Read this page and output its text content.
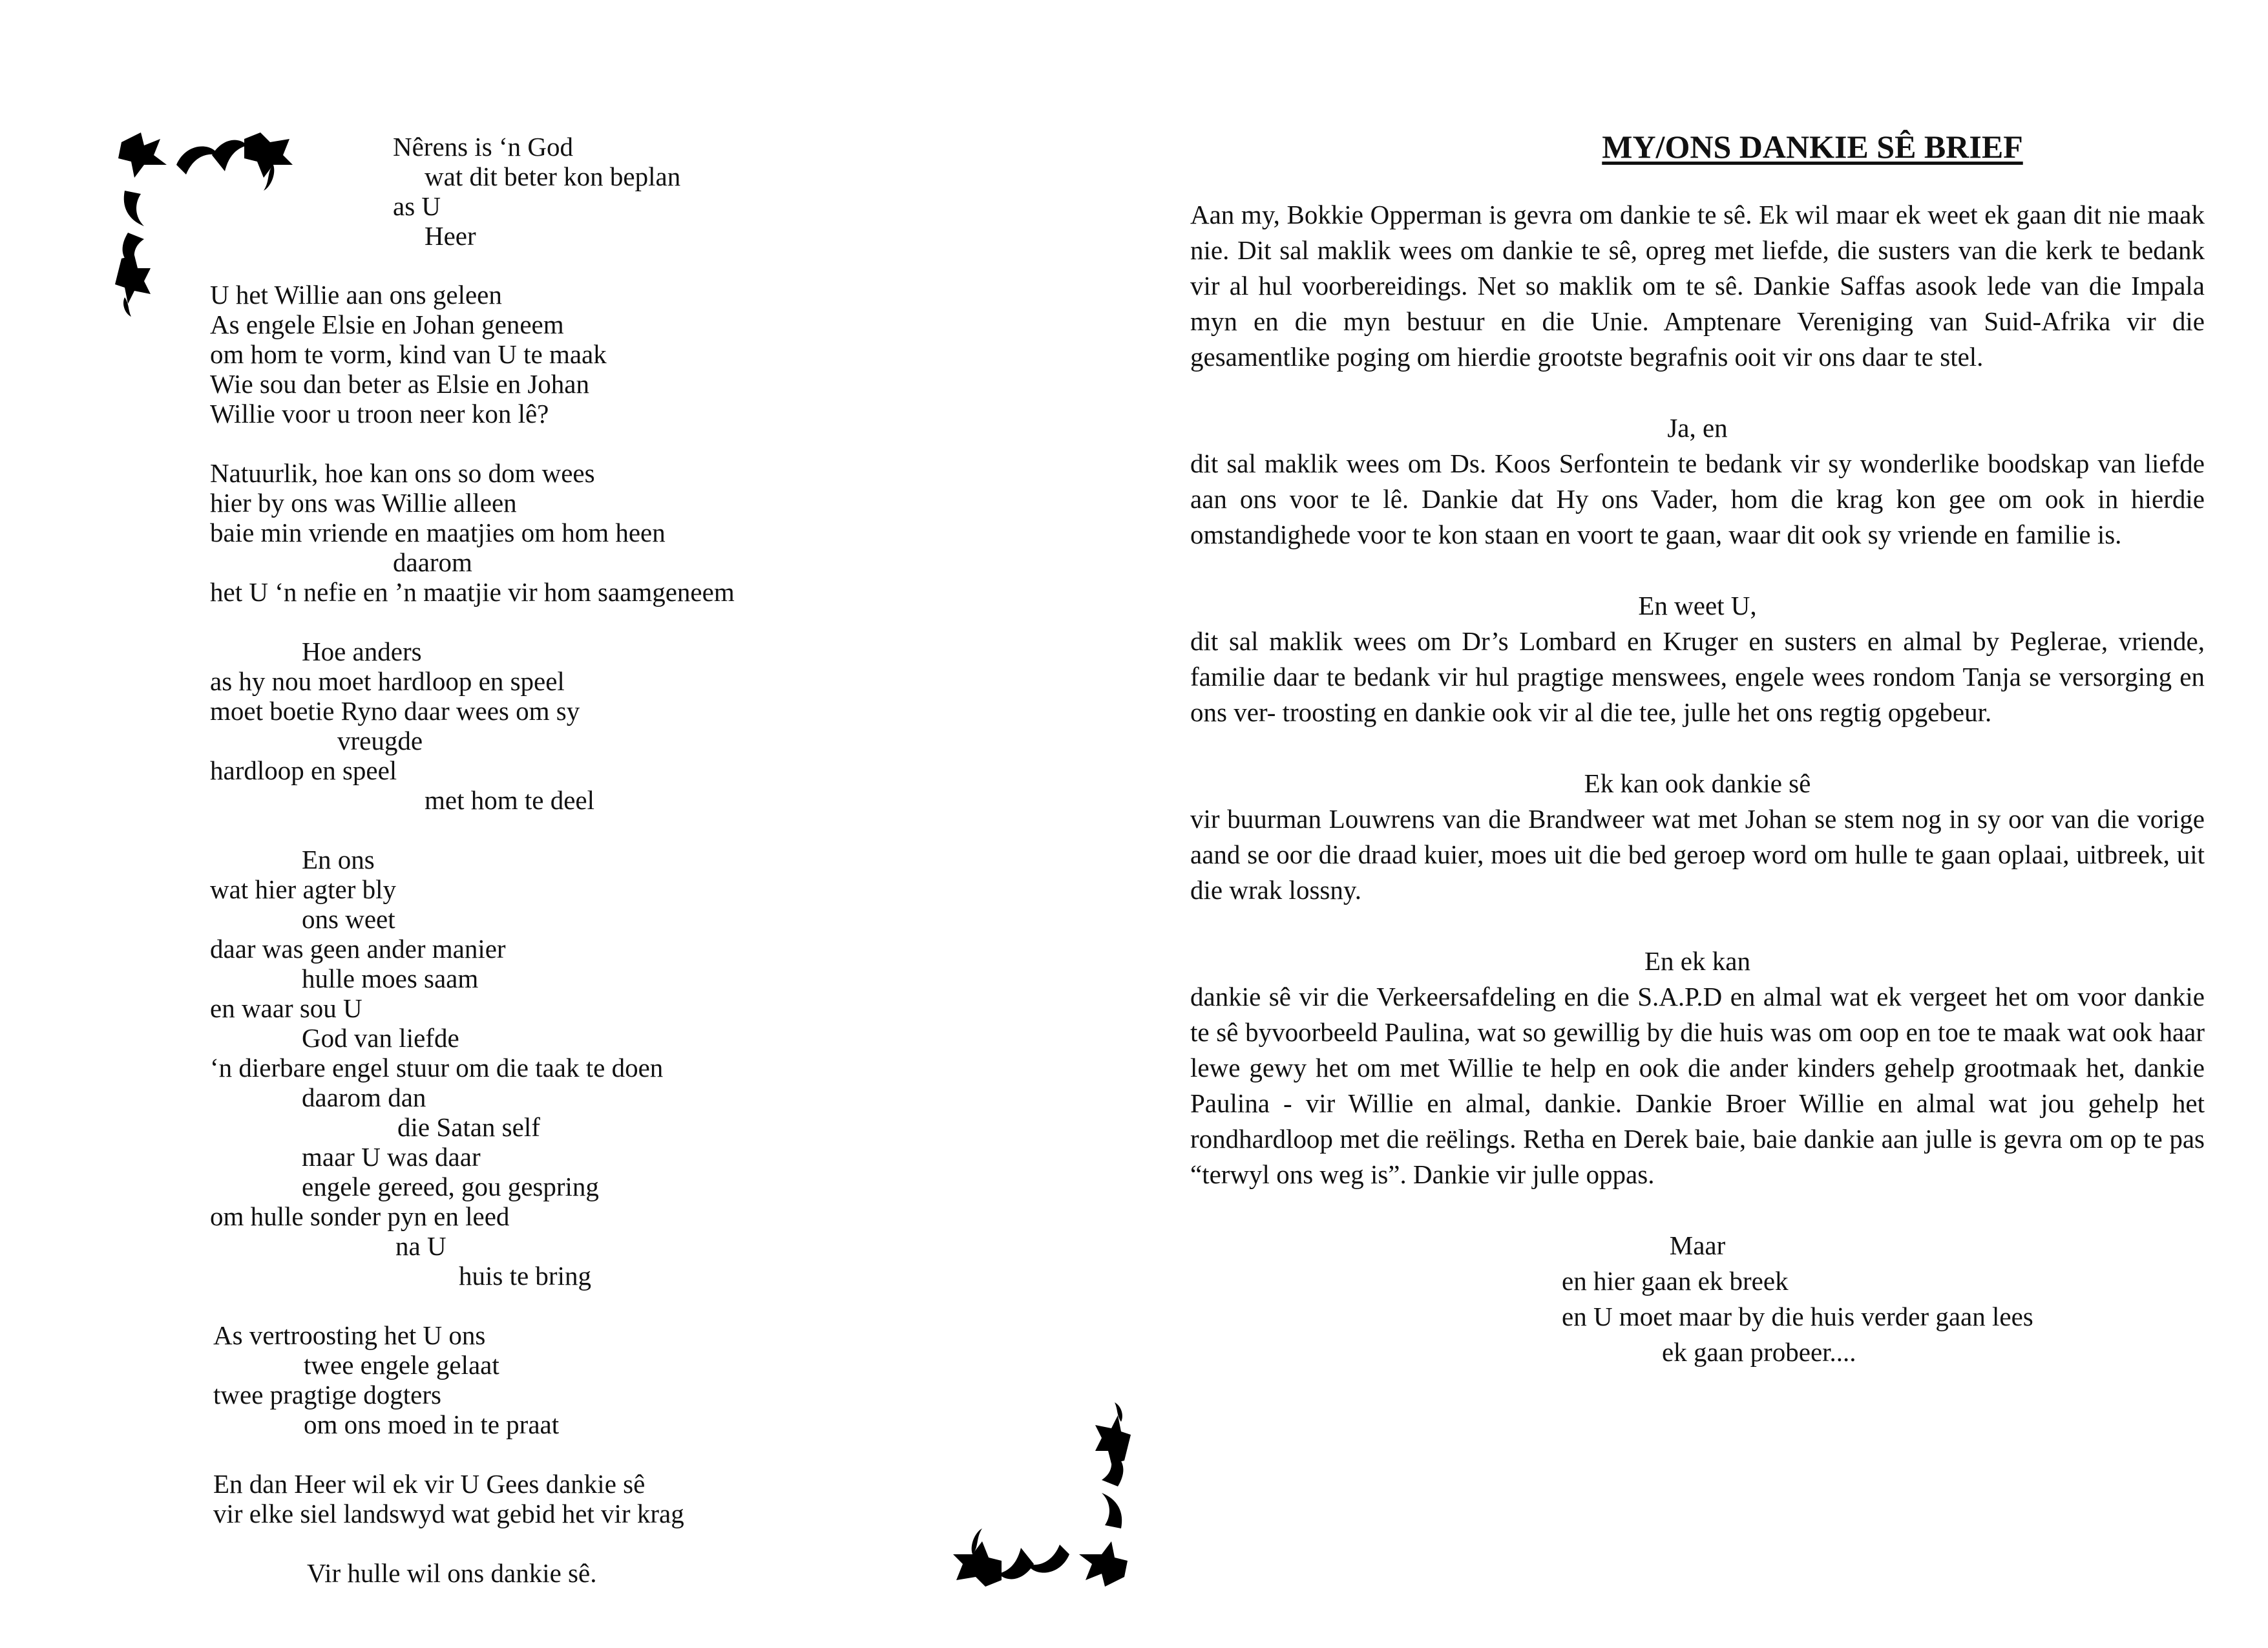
Nêrens is ‘n God
wat dit beter kon beplan
as U
Heer
U het Willie aan ons geleen
As engele Elsie en Johan geneem
om hom te vorm, kind van U te maak
Wie sou dan beter as Elsie en Johan
Willie voor u troon neer kon lê?
Natuurlik, hoe kan ons so dom wees
hier by ons was Willie alleen
baie min vriende en maatjies om hom heen
daarom
het U ‘n nefie en ’n maatjie vir hom saamgeneem
Hoe anders
as hy nou moet hardloop en speel
moet boetie Ryno daar wees om sy
vreugde
hardloop en speel
met hom te deel
En ons
wat hier agter bly
ons weet
daar was geen ander manier
hulle moes saam
en waar sou U
God van liefde
‘n dierbare engel stuur om die taak te doen
daarom dan
die Satan self
maar U was daar
engele gereed, gou gespring
om hulle sonder pyn en leed
na U
huis te bring
As vertroosting het U ons
twee engele gelaat
twee pragtige dogters
om ons moed in te praat
En dan Heer wil ek vir U Gees dankie sê
vir elke siel landswyd wat gebid het vir krag
Vir hulle wil ons dankie sê.
MY/ONS DANKIE SÊ BRIEF

Aan my, Bokkie Opperman is gevra om dankie te sê. Ek wil maar ek weet ek gaan dit nie maak nie. Dit sal maklik wees om dankie te sê, opreg met liefde, die susters van die kerk te bedank vir al hul voorbereidings. Net so maklik om te sê. Dankie Saffas asook lede van die Impala myn en die myn bestuur en die Unie. Amptenare Vereniging van Suid-Afrika vir die gesamentlike poging om hierdie grootste begrafnis ooit vir ons daar te stel.

Ja, en

dit sal maklik wees om Ds. Koos Serfontein te bedank vir sy wonderlike boodskap van liefde aan ons voor te lê. Dankie dat Hy ons Vader, hom die krag kon gee om ook in hierdie omstandighede voor te kon staan en voort te gaan, waar dit ook sy vriende en familie is.

En weet U,

dit sal maklik wees om Dr’s Lombard en Kruger en susters en almal by Peglerae, vriende, familie daar te bedank vir hul pragtige menswees, engele wees rondom Tanja se versorging en ons ver- troosting en dankie ook vir al die tee, julle het ons regtig opgebeur.

Ek kan ook dankie sê

vir buurman Louwrens van die Brandweer wat met Johan se stem nog in sy oor van die vorige aand se oor die draad kuier, moes uit die bed geroep word om hulle te gaan oplaai, uitbreek, uit die wrak lossny.

En ek kan

dankie sê vir die Verkeersafdeling en die S.A.P.D en almal wat ek vergeet het om voor dankie te sê byvoorbeeld Paulina, wat so gewillig by die huis was om oop en toe te maak wat ook haar lewe gewy het om met Willie te help en ook die ander kinders gehelp grootmaak het, dankie Paulina - vir Willie en almal, dankie. Dankie Broer Willie en almal wat jou gehelp het rondhardloop met die reëlings. Retha en Derek baie, baie dankie aan julle is gevra om op te pas “terwyl ons weg is”. Dankie vir julle oppas.

Maar

en hier gaan ek breek
en U moet maar by die huis verder gaan lees
ek gaan probeer....
